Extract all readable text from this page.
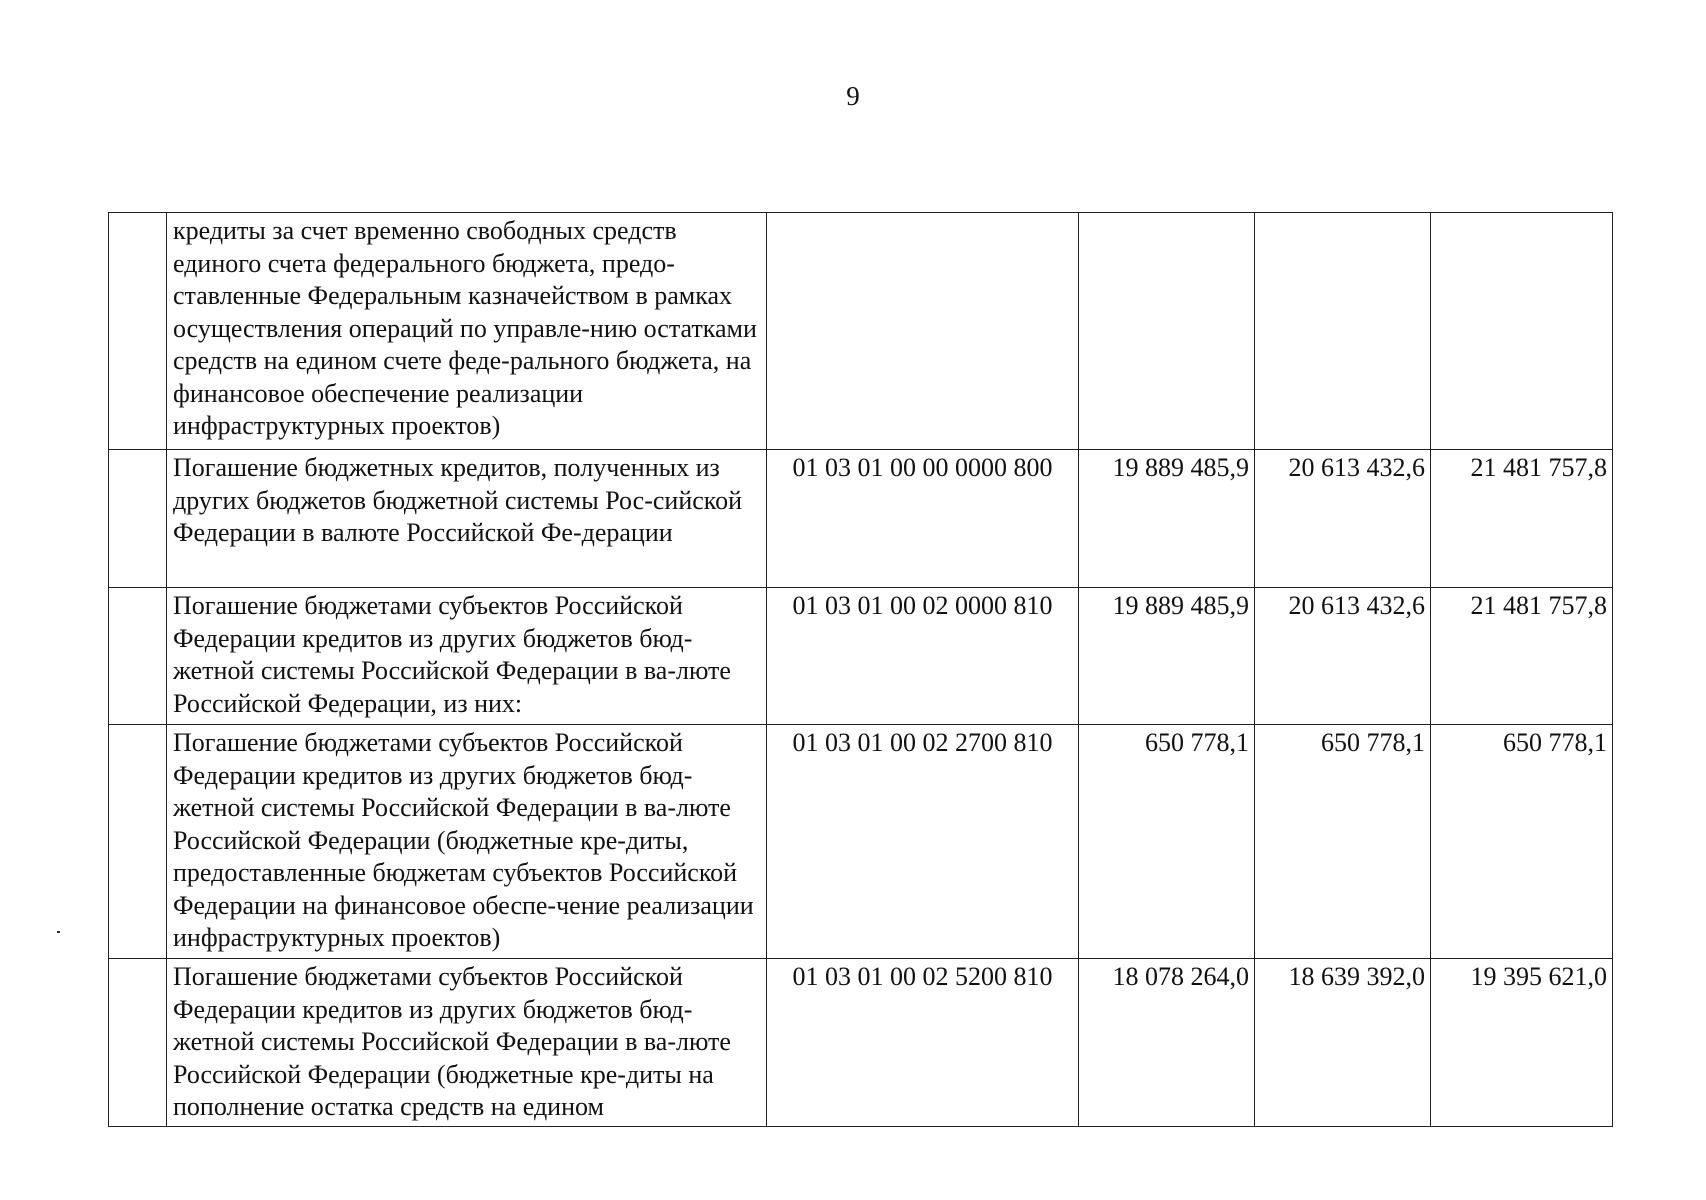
9
	кредиты за счет временно свободных средств единого счета федерального бюджета, предо-ставленные Федеральным казначейством в рамках осуществления операций по управле-нию остатками средств на едином счете феде-рального бюджета, на финансовое обеспечение реализации инфраструктурных проектов)				
	Погашение бюджетных кредитов, полученных из других бюджетов бюджетной системы Рос-сийской Федерации в валюте Российской Фе-дерации	01 03 01 00 00 0000 800	19 889 485,9	20 613 432,6	21 481 757,8
	Погашение бюджетами субъектов Российской Федерации кредитов из других бюджетов бюд-жетной системы Российской Федерации в ва-люте Российской Федерации, из них:	01 03 01 00 02 0000 810	19 889 485,9	20 613 432,6	21 481 757,8
	Погашение бюджетами субъектов Российской Федерации кредитов из других бюджетов бюд-жетной системы Российской Федерации в ва-люте Российской Федерации (бюджетные кре-диты, предоставленные бюджетам субъектов Российской Федерации на финансовое обеспе-чение реализации инфраструктурных проектов)	01 03 01 00 02 2700 810	650 778,1	650 778,1	650 778,1
	Погашение бюджетами субъектов Российской Федерации кредитов из других бюджетов бюд-жетной системы Российской Федерации в ва-люте Российской Федерации (бюджетные кре-диты на пополнение остатка средств на едином	01 03 01 00 02 5200 810	18 078 264,0	18 639 392,0	19 395 621,0
